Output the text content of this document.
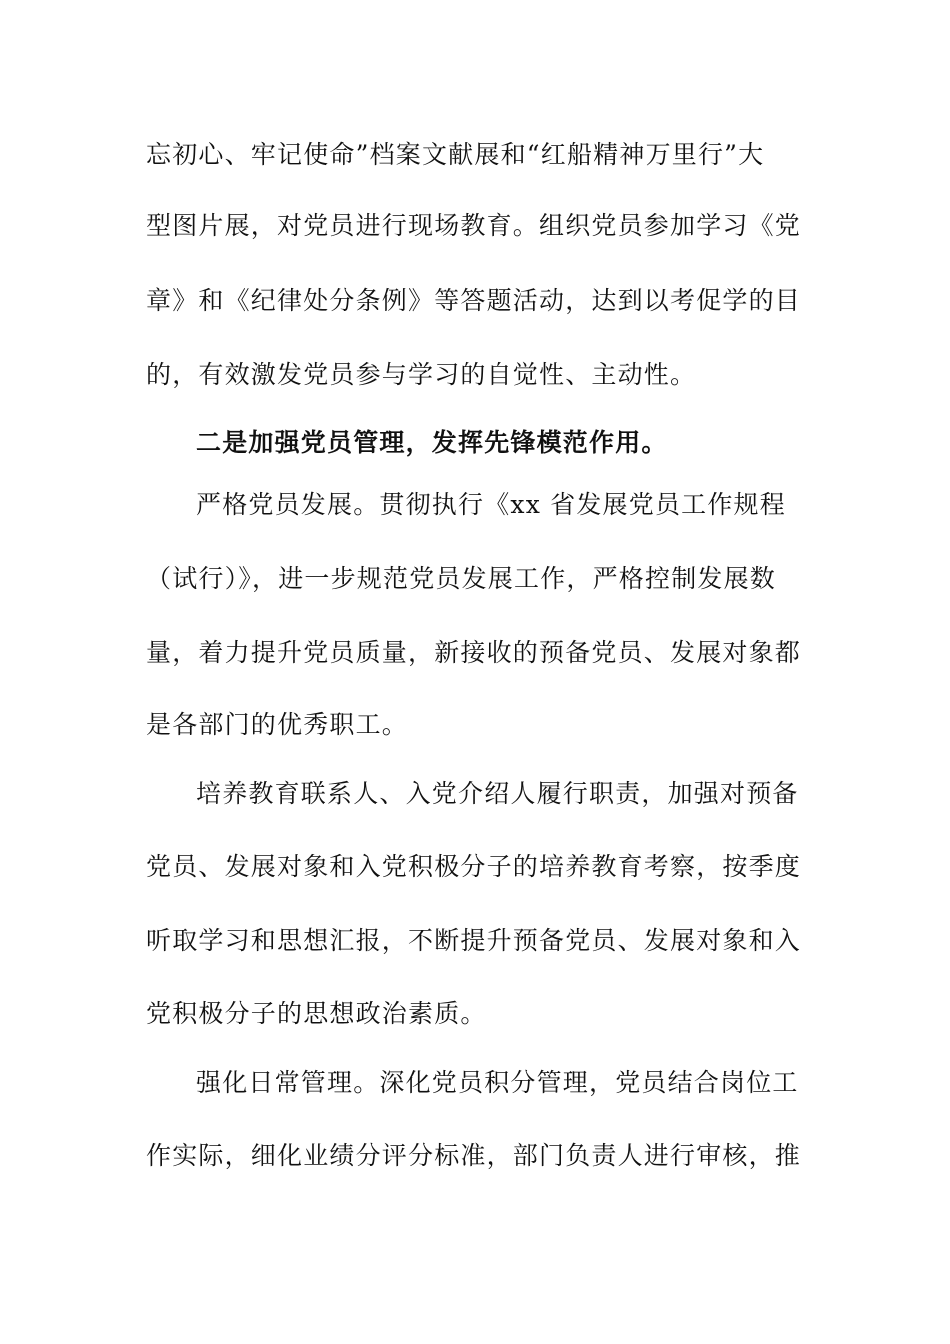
忘初心、牢记使命”档案文献展和“红船精神万里行”大
型图片展，对党员进行现场教育。组织党员参加学习《党
章》和《纪律处分条例》等答题活动，达到以考促学的目
的，有效激发党员参与学习的自觉性、主动性。
二是加强党员管理，发挥先锋模范作用。
严格党员发展。贯彻执行《xx 省发展党员工作规程
（试行）》，进一步规范党员发展工作，严格控制发展数
量，着力提升党员质量，新接收的预备党员、发展对象都
是各部门的优秀职工。
培养教育联系人、入党介绍人履行职责，加强对预备
党员、发展对象和入党积极分子的培养教育考察，按季度
听取学习和思想汇报，不断提升预备党员、发展对象和入
党积极分子的思想政治素质。
强化日常管理。深化党员积分管理，党员结合岗位工
作实际，细化业绩分评分标准，部门负责人进行审核，推
